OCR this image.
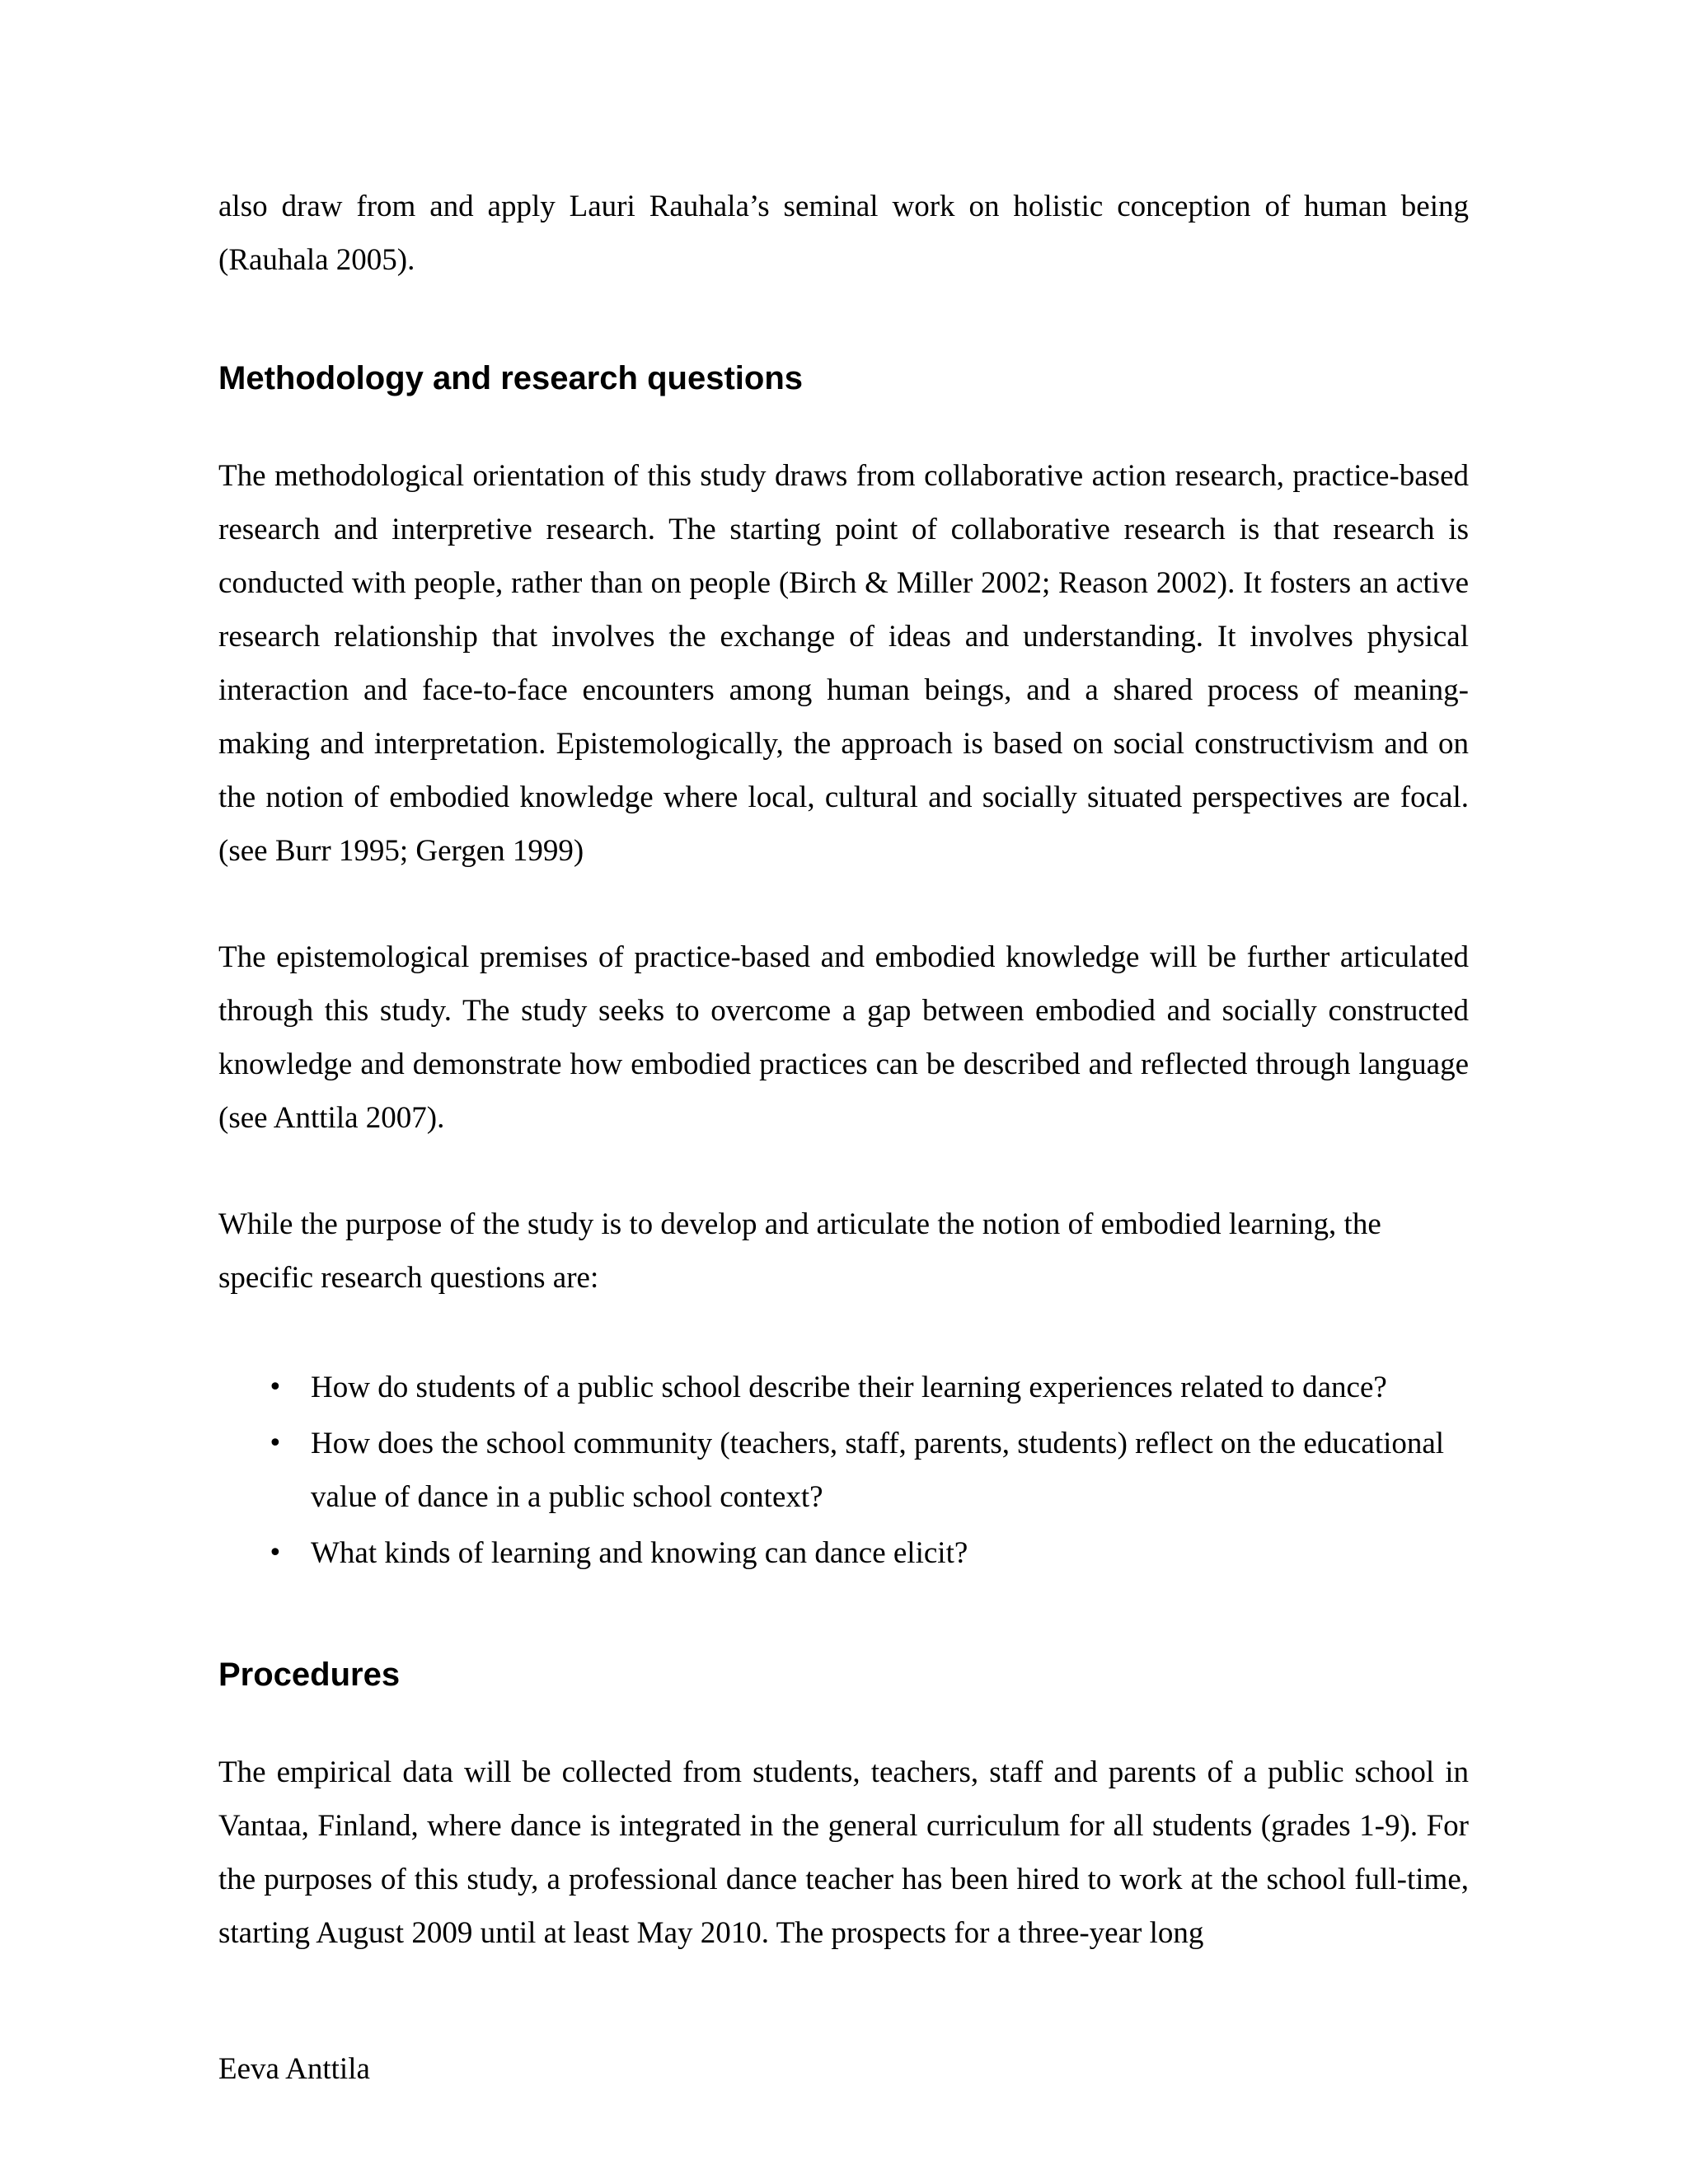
also draw from and apply Lauri Rauhala’s seminal work on holistic conception of human being (Rauhala 2005).

Methodology and research questions

The methodological orientation of this study draws from collaborative action research, practice-based research and interpretive research. The starting point of collaborative research is that research is conducted with people, rather than on people (Birch & Miller 2002; Reason 2002). It fosters an active research relationship that involves the exchange of ideas and understanding. It involves physical interaction and face-to-face encounters among human beings, and a shared process of meaning-making and interpretation. Epistemologically, the approach is based on social constructivism and on the notion of embodied knowledge where local, cultural and socially situated perspectives are focal. (see Burr 1995; Gergen 1999)

The epistemological premises of practice-based and embodied knowledge will be further articulated through this study. The study seeks to overcome a gap between embodied and socially constructed knowledge and demonstrate how embodied practices can be described and reflected through language (see Anttila 2007).

While the purpose of the study is to develop and articulate the notion of embodied learning, the specific research questions are:

• How do students of a public school describe their learning experiences related to dance?
• How does the school community (teachers, staff, parents, students) reflect on the educational value of dance in a public school context?
• What kinds of learning and knowing can dance elicit?
Procedures

The empirical data will be collected from students, teachers, staff and parents of a public school in Vantaa, Finland, where dance is integrated in the general curriculum for all students (grades 1-9). For the purposes of this study, a professional dance teacher has been hired to work at the school full-time, starting August 2009 until at least May 2010. The prospects for a three-year long

Eeva Anttila
